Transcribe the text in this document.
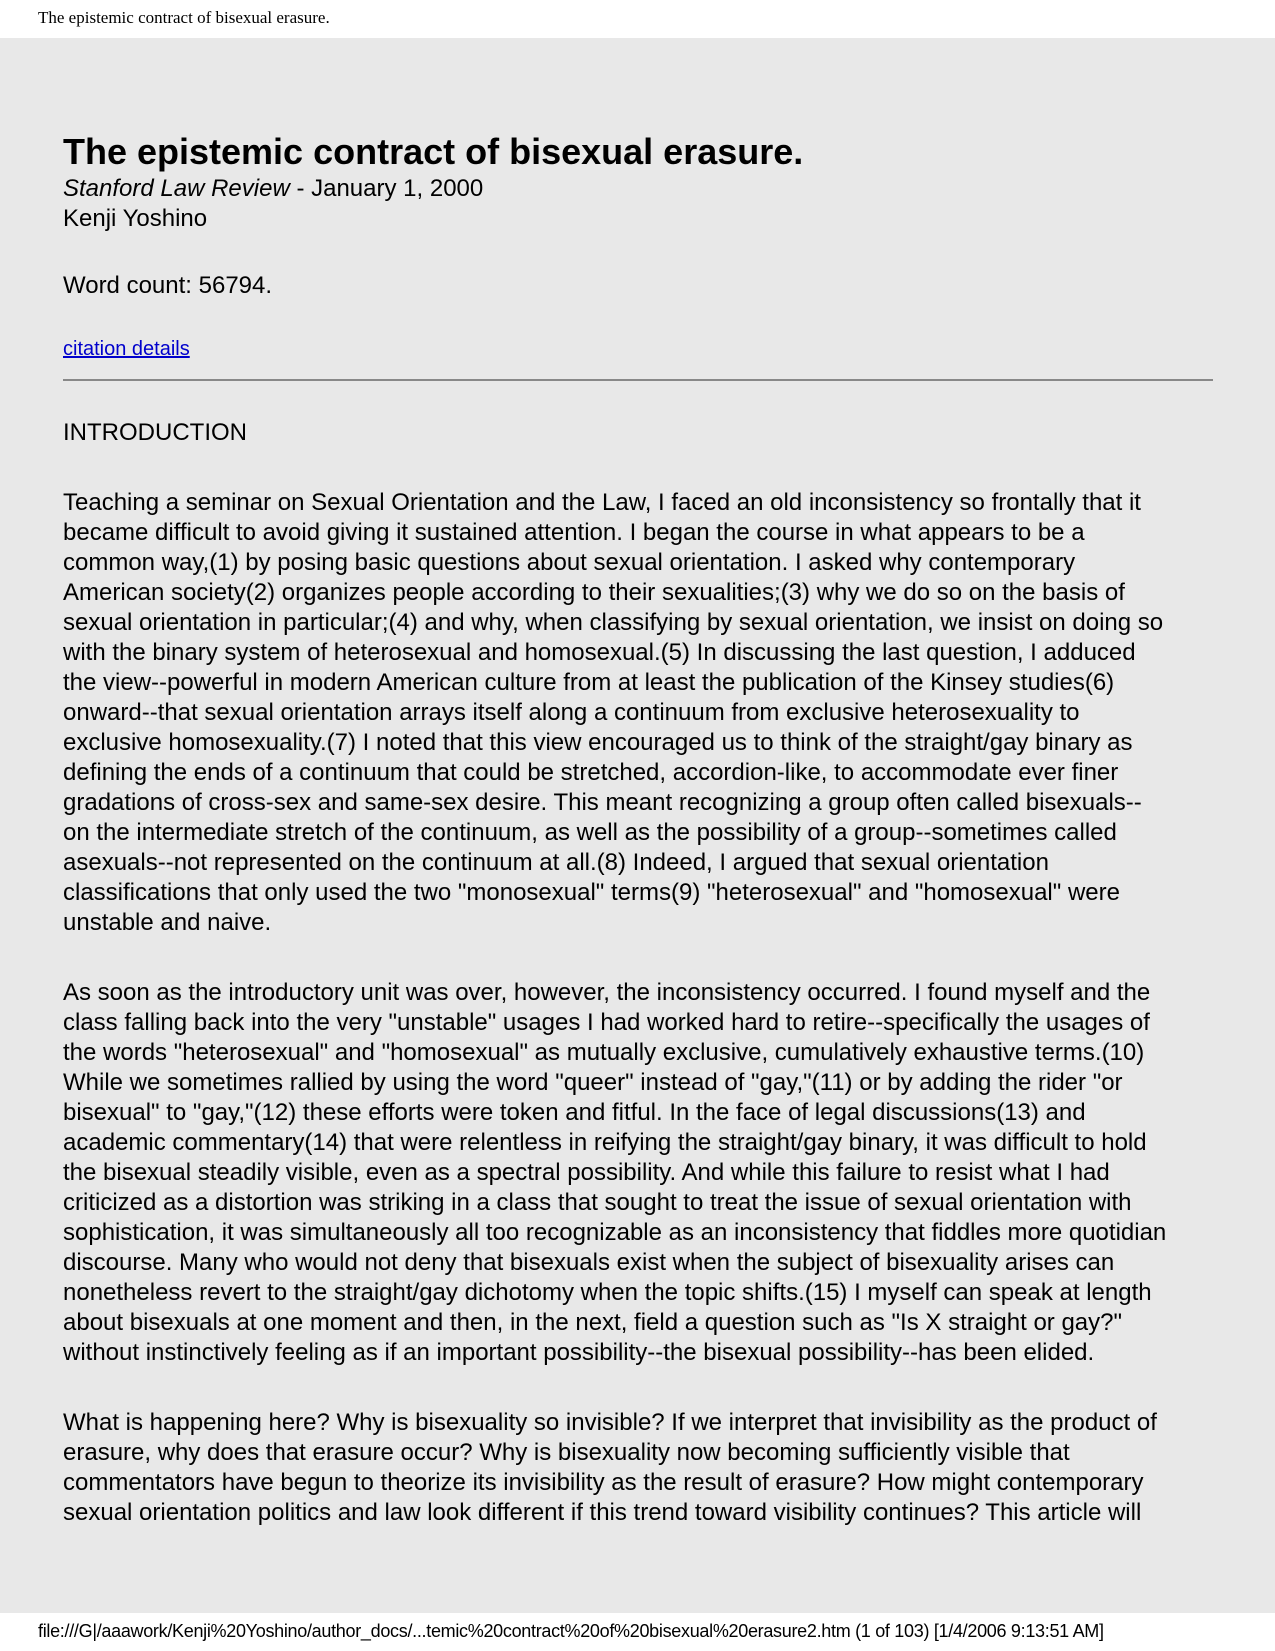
The epistemic contract of bisexual erasure.
The epistemic contract of bisexual erasure.
Stanford Law Review - January 1, 2000
Kenji Yoshino
Word count: 56794.
citation details
INTRODUCTION
Teaching a seminar on Sexual Orientation and the Law, I faced an old inconsistency so frontally that it
became difficult to avoid giving it sustained attention. I began the course in what appears to be a
common way,(1) by posing basic questions about sexual orientation. I asked why contemporary
American society(2) organizes people according to their sexualities;(3) why we do so on the basis of
sexual orientation in particular;(4) and why, when classifying by sexual orientation, we insist on doing so
with the binary system of heterosexual and homosexual.(5) In discussing the last question, I adduced
the view--powerful in modern American culture from at least the publication of the Kinsey studies(6)
onward--that sexual orientation arrays itself along a continuum from exclusive heterosexuality to
exclusive homosexuality.(7) I noted that this view encouraged us to think of the straight/gay binary as
defining the ends of a continuum that could be stretched, accordion-like, to accommodate ever finer
gradations of cross-sex and same-sex desire. This meant recognizing a group often called bisexuals--
on the intermediate stretch of the continuum, as well as the possibility of a group--sometimes called
asexuals--not represented on the continuum at all.(8) Indeed, I argued that sexual orientation
classifications that only used the two "monosexual" terms(9) "heterosexual" and "homosexual" were
unstable and naive.
As soon as the introductory unit was over, however, the inconsistency occurred. I found myself and the
class falling back into the very "unstable" usages I had worked hard to retire--specifically the usages of
the words "heterosexual" and "homosexual" as mutually exclusive, cumulatively exhaustive terms.(10)
While we sometimes rallied by using the word "queer" instead of "gay,"(11) or by adding the rider "or
bisexual" to "gay,"(12) these efforts were token and fitful. In the face of legal discussions(13) and
academic commentary(14) that were relentless in reifying the straight/gay binary, it was difficult to hold
the bisexual steadily visible, even as a spectral possibility. And while this failure to resist what I had
criticized as a distortion was striking in a class that sought to treat the issue of sexual orientation with
sophistication, it was simultaneously all too recognizable as an inconsistency that fiddles more quotidian
discourse. Many who would not deny that bisexuals exist when the subject of bisexuality arises can
nonetheless revert to the straight/gay dichotomy when the topic shifts.(15) I myself can speak at length
about bisexuals at one moment and then, in the next, field a question such as "Is X straight or gay?"
without instinctively feeling as if an important possibility--the bisexual possibility--has been elided.
What is happening here? Why is bisexuality so invisible? If we interpret that invisibility as the product of
erasure, why does that erasure occur? Why is bisexuality now becoming sufficiently visible that
commentators have begun to theorize its invisibility as the result of erasure? How might contemporary
sexual orientation politics and law look different if this trend toward visibility continues? This article will
file:///G|/aaawork/Kenji%20Yoshino/author_docs/...temic%20contract%20of%20bisexual%20erasure2.htm (1 of 103) [1/4/2006 9:13:51 AM]
